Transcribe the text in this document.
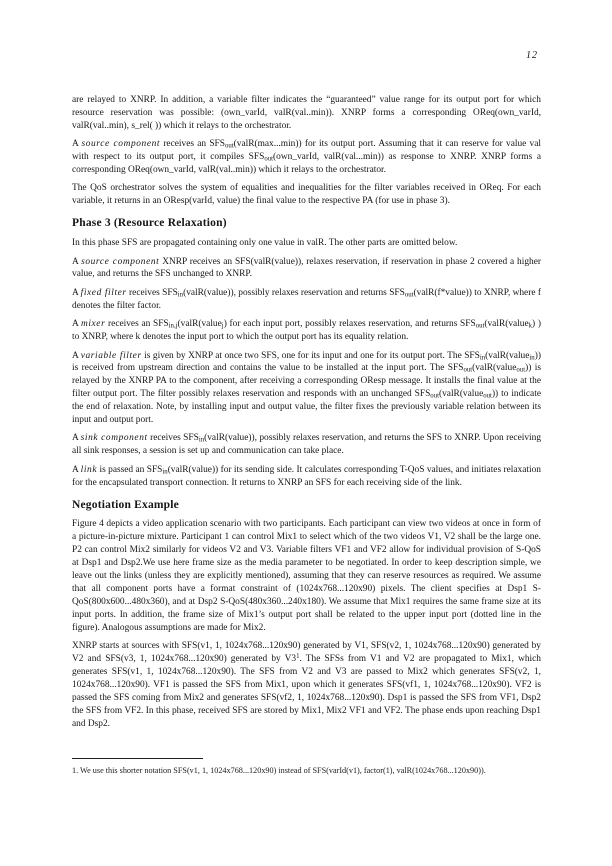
12

are relayed to XNRP. In addition, a variable filter indicates the “guaranteed” value range for its output port for which resource reservation was possible: (own_varId, valR(val..min)). XNRP forms a corresponding OReq(own_varId, valR(val..min), s_rel( )) which it relays to the orchestrator.

A source component receives an $SFS_{out}(valR(\max...\min))$ for its output port. Assuming that it can reserve for value val with respect to its output port, it compiles $SFS_{out}(own\_varId$, valR(val...min)) as response to XNRP. XNRP forms a corresponding OReq(own_varId, valR(val..min)) which it relays to the orchestrator.

The QoS orchestrator solves the system of equalities and inequalities for the filter variables received in OReq. For each variable, it returns in an OResp(varId, value) the final value to the respective PA (for use in phase 3).

Phase 3 (Resource Relaxation)

In this phase SFS are propagated containing only one value in valR. The other parts are omitted below.

A source component XNRP receives an SFS(valR(value)), relaxes reservation, if reservation in phase 2 covered a higher value, and returns the SFS unchanged to XNRP.

A fixed filter receives $SFS_{in}(valR(value))$, possibly relaxes reservation and returns $SFS_{out}(valR(f*value))$ to XNRP, where f denotes the filter factor.

A mixer receives an $SFS_{in,j}(valR(value_j)$ for each input port, possibly relaxes reservation, and returns $SFS_{out}(valR(value_k)$ ) to XNRP, where k denotes the input port to which the output port has its equality relation.

A variable filter is given by XNRP at once two SFS, one for its input and one for its output port. The $SFS_{in}(valR(value_{in}))$ is received from upstream direction and contains the value to be installed at the input port. The $SFS_{out}(valR(value_{out}))$ is relayed by the XNRP PA to the component, after receiving a corresponding OResp message. It installs the final value at the filter output port. The filter possibly relaxes reservation and responds with an unchanged $SFS_{out}(valR(value_{out}))$ to indicate the end of relaxation. Note, by installing input and output value, the filter fixes the previously variable relation between its input and output port.

A sink component receives $SFS_{in}(valR(value))$, possibly relaxes reservation, and returns the SFS to XNRP. Upon receiving all sink responses, a session is set up and communication can take place.

A link is passed an $SFS_{in}(valR(value))$ for its sending side. It calculates corresponding T-QoS values, and initiates relaxation for the encapsulated transport connection. It returns to XNRP an SFS for each receiving side of the link.

Negotiation Example

Figure 4 depicts a video application scenario with two participants. Each participant can view two videos at once in form of a picture-in-picture mixture. Participant 1 can control Mix1 to select which of the two videos V1, V2 shall be the large one. P2 can control Mix2 similarly for videos V2 and V3. Variable filters VF1 and VF2 allow for individual provision of S-QoS at Dsp1 and Dsp2.We use here frame size as the media parameter to be negotiated. In order to keep description simple, we leave out the links (unless they are explicitly mentioned), assuming that they can reserve resources as required. We assume that all component ports have a format constraint of (1024x768...120x90) pixels. The client specifies at Dsp1 S-QoS(800x600...480x360), and at Dsp2 S-QoS(480x360...240x180). We assume that Mix1 requires the same frame size at its input ports. In addition, the frame size of Mix1’s output port shall be related to the upper input port (dotted line in the figure). Analogous assumptions are made for Mix2.

XNRP starts at sources with SFS(v1, 1, 1024x768...120x90) generated by V1, SFS(v2, 1, 1024x768...120x90) generated by V2 and SFS(v3, 1, 1024x768...120x90) generated by $V3^1$. The SFSs from V1 and V2 are propagated to Mix1, which generates SFS(v1, 1, 1024x768...120x90). The SFS from V2 and V3 are passed to Mix2 which generates SFS(v2, 1, 1024x768...120x90). VF1 is passed the SFS from Mix1, upon which it generates SFS(vf1, 1, 1024x768...120x90). VF2 is passed the SFS coming from Mix2 and generates SFS(vf2, 1, 1024x768...120x90). Dsp1 is passed the SFS from VF1, Dsp2 the SFS from VF2. In this phase, received SFS are stored by Mix1, Mix2 VF1 and VF2. The phase ends upon reaching Dsp1 and Dsp2.

1. We use this shorter notation SFS(v1, 1, 1024x768...120x90) instead of SFS(varId(v1), factor(1), valR(1024x768...120x90)).
